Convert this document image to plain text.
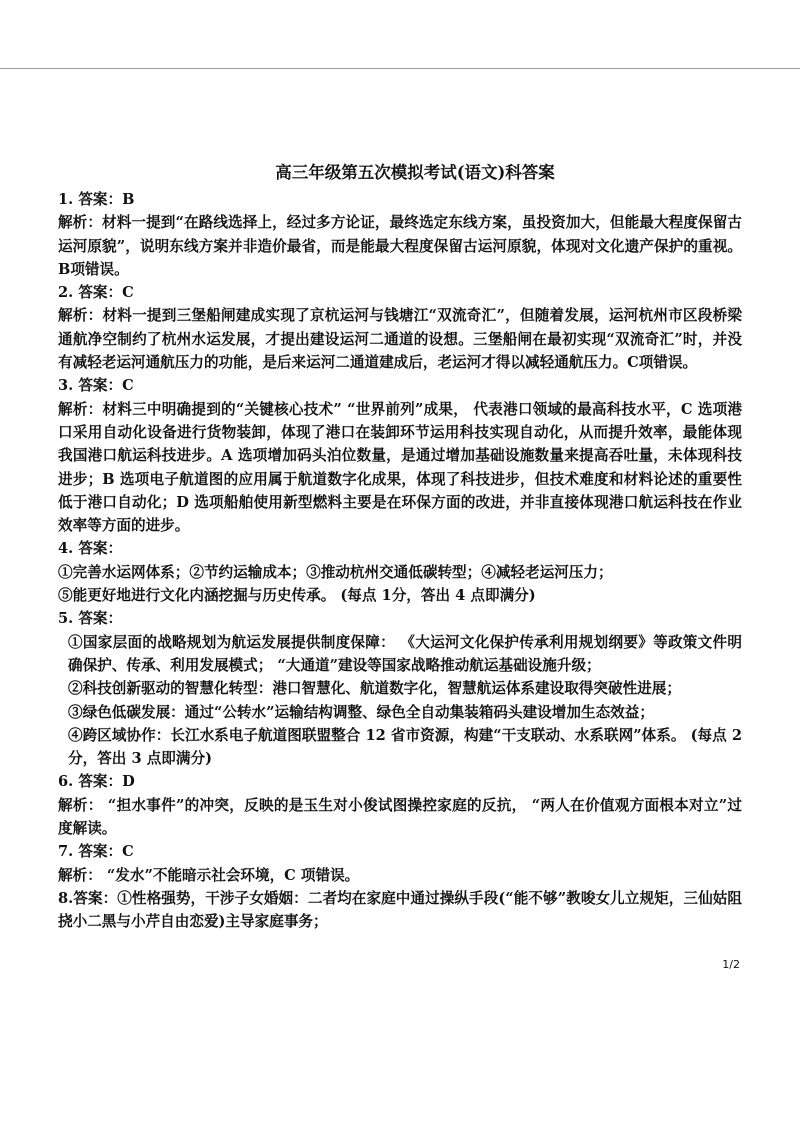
高三年级第五次模拟考试(语文)科答案

1. 答案：B

解析：材料一提到“在路线选择上，经过多方论证，最终选定东线方案，虽投资加大，但能最大程度保留古运河原貌”，说明东线方案并非造价最省，而是能最大程度保留古运河原貌，体现对文化遗产保护的重视。B项错误。

2. 答案：C

解析：材料一提到三堡船闸建成实现了京杭运河与钱塘江“双流奇汇”，但随着发展，运河杭州市区段桥梁通航净空制约了杭州水运发展，才提出建设运河二通道的设想。三堡船闸在最初实现“双流奇汇”时，并没有减轻老运河通航压力的功能，是后来运河二通道建成后，老运河才得以减轻通航压力。C项错误。

3. 答案：C

解析：材料三中明确提到的“关键核心技术” “世界前列”成果， 代表港口领域的最高科技水平，C 选项港口采用自动化设备进行货物装卸，体现了港口在装卸环节运用科技实现自动化，从而提升效率，最能体现我国港口航运科技进步。A 选项增加码头泊位数量，是通过增加基础设施数量来提高吞吐量，未体现科技进步；B 选项电子航道图的应用属于航道数字化成果，体现了科技进步，但技术难度和材料论述的重要性低于港口自动化；D 选项船舶使用新型燃料主要是在环保方面的改进，并非直接体现港口航运科技在作业效率等方面的进步。

4. 答案：

①完善水运网体系；②节约运输成本；③推动杭州交通低碳转型；④减轻老运河压力；

⑤能更好地进行文化内涵挖掘与历史传承。 (每点 1分，答出 4 点即满分)

5. 答案：

①国家层面的战略规划为航运发展提供制度保障： 《大运河文化保护传承利用规划纲要》等政策文件明确保护、传承、利用发展模式； “大通道”建设等国家战略推动航运基础设施升级；

②科技创新驱动的智慧化转型：港口智慧化、航道数字化，智慧航运体系建设取得突破性进展；

③绿色低碳发展：通过“公转水”运输结构调整、绿色全自动集装箱码头建设增加生态效益；

④跨区域协作：长江水系电子航道图联盟整合 12 省市资源，构建“干支联动、水系联网”体系。 (每点 2分，答出 3 点即满分)

6. 答案：D

解析： “担水事件”的冲突，反映的是玉生对小俊试图操控家庭的反抗， “两人在价值观方面根本对立”过度解读。

7. 答案：C

解析： “发水”不能暗示社会环境，C 项错误。

8.答案：①性格强势，干涉子女婚姻：二者均在家庭中通过操纵手段(“能不够”教唆女儿立规矩，三仙姑阻挠小二黑与小芹自由恋爱)主导家庭事务；

1/2
